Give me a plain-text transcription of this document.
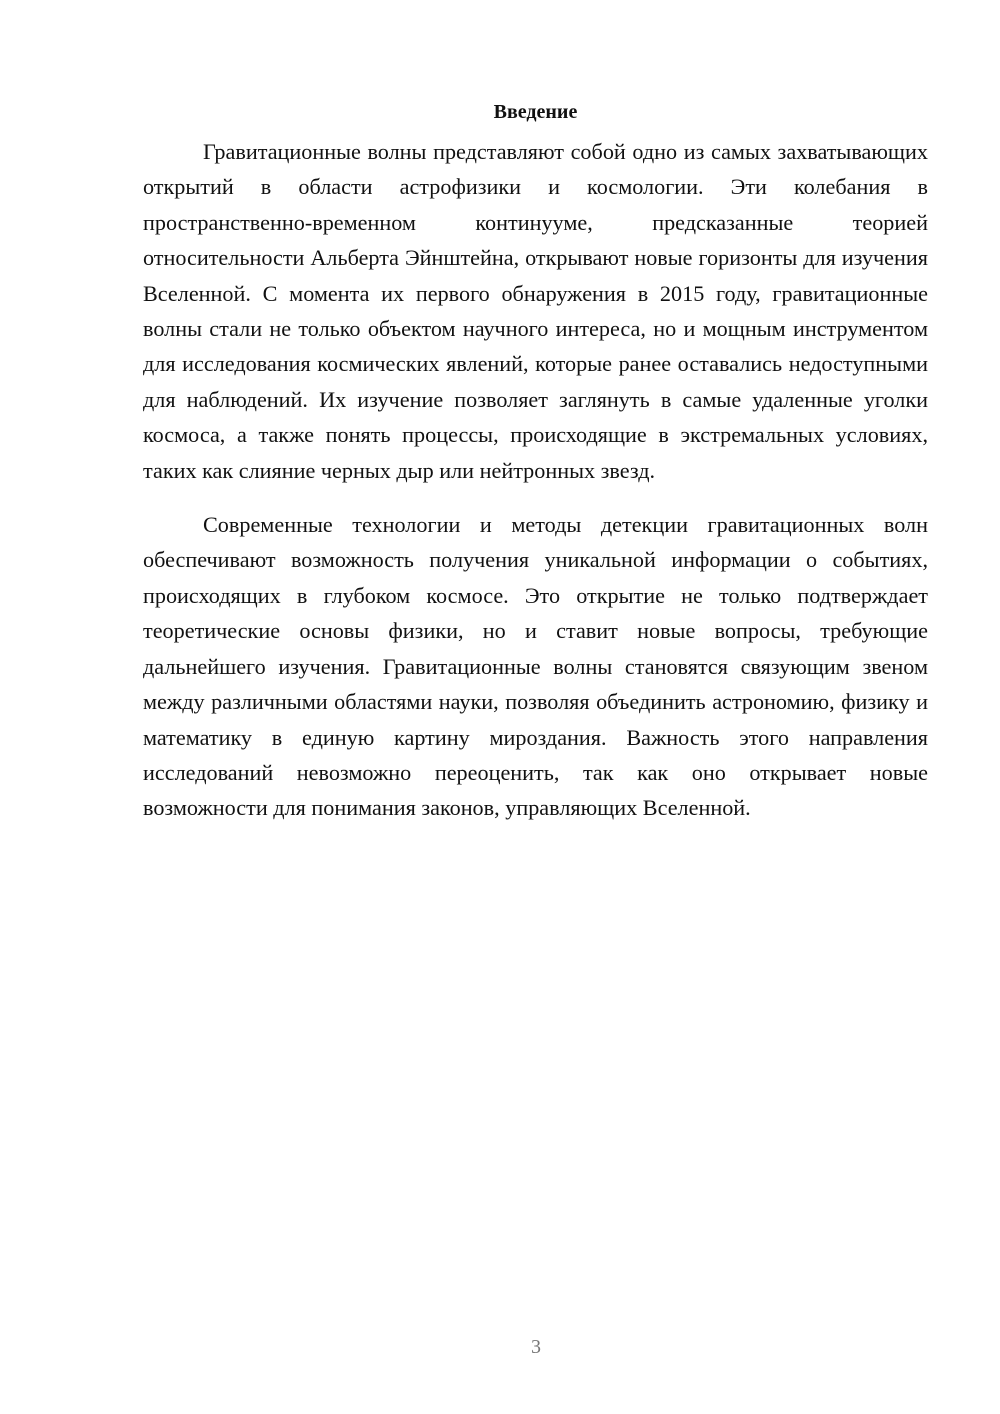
Введение

Гравитационные волны представляют собой одно из самых захватывающих открытий в области астрофизики и космологии. Эти колебания в пространственно-временном континууме, предсказанные теорией относительности Альберта Эйнштейна, открывают новые горизонты для изучения Вселенной. С момента их первого обнаружения в 2015 году, гравитационные волны стали не только объектом научного интереса, но и мощным инструментом для исследования космических явлений, которые ранее оставались недоступными для наблюдений. Их изучение позволяет заглянуть в самые удаленные уголки космоса, а также понять процессы, происходящие в экстремальных условиях, таких как слияние черных дыр или нейтронных звезд.

Современные технологии и методы детекции гравитационных волн обеспечивают возможность получения уникальной информации о событиях, происходящих в глубоком космосе. Это открытие не только подтверждает теоретические основы физики, но и ставит новые вопросы, требующие дальнейшего изучения. Гравитационные волны становятся связующим звеном между различными областями науки, позволяя объединить астрономию, физику и математику в единую картину мироздания. Важность этого направления исследований невозможно переоценить, так как оно открывает новые возможности для понимания законов, управляющих Вселенной.

3
